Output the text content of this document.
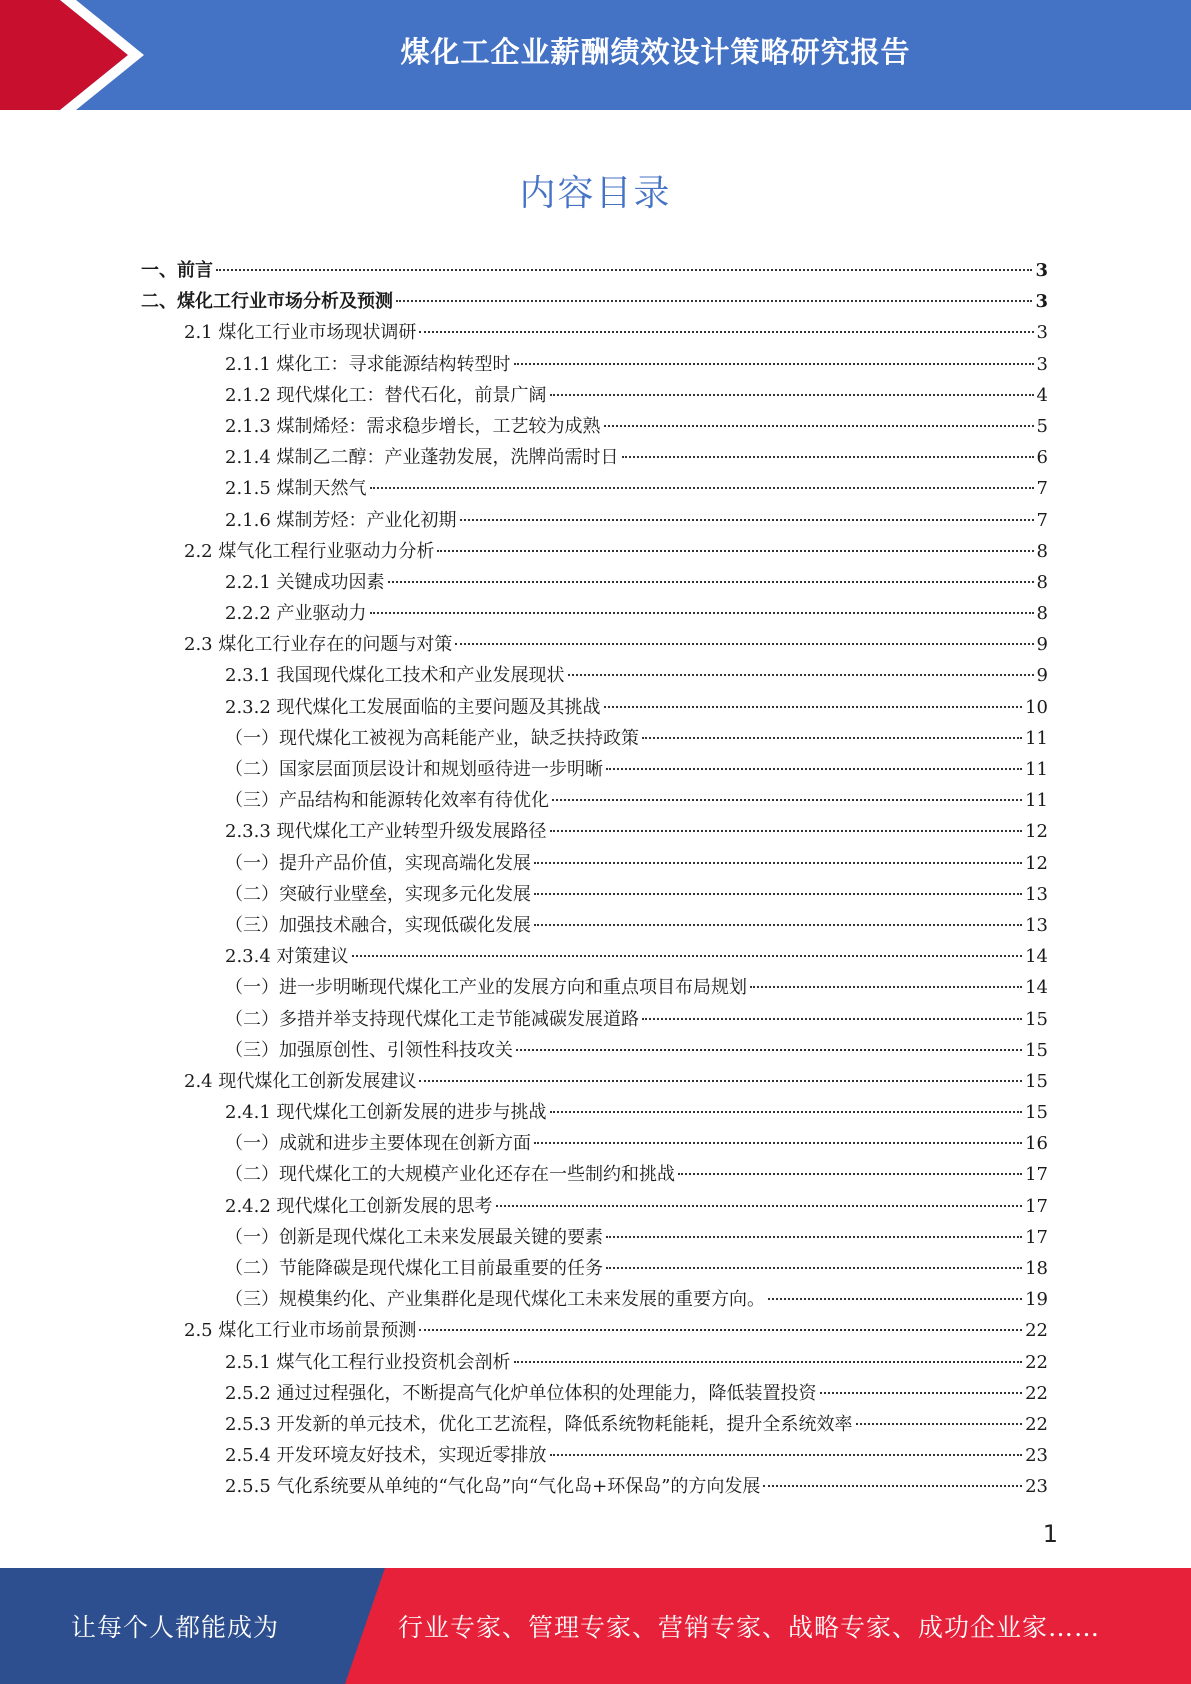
煤化工企业薪酬绩效设计策略研究报告
内容目录
一、前言	3
二、煤化工行业市场分析及预测	3
2.1 煤化工行业市场现状调研	3
2.1.1 煤化工：寻求能源结构转型时	3
2.1.2 现代煤化工：替代石化，前景广阔	4
2.1.3 煤制烯烃：需求稳步增长，工艺较为成熟	5
2.1.4 煤制乙二醇：产业蓬勃发展，洗牌尚需时日	6
2.1.5 煤制天然气	7
2.1.6 煤制芳烃：产业化初期	7
2.2 煤气化工程行业驱动力分析	8
2.2.1 关键成功因素	8
2.2.2 产业驱动力	8
2.3 煤化工行业存在的问题与对策	9
2.3.1 我国现代煤化工技术和产业发展现状	9
2.3.2 现代煤化工发展面临的主要问题及其挑战	10
（一）现代煤化工被视为高耗能产业，缺乏扶持政策	11
（二）国家层面顶层设计和规划亟待进一步明晰	11
（三）产品结构和能源转化效率有待优化	11
2.3.3 现代煤化工产业转型升级发展路径	12
（一）提升产品价值，实现高端化发展	12
（二）突破行业壁垒，实现多元化发展	13
（三）加强技术融合，实现低碳化发展	13
2.3.4 对策建议	14
（一）进一步明晰现代煤化工产业的发展方向和重点项目布局规划	14
（二）多措并举支持现代煤化工走节能减碳发展道路	15
（三）加强原创性、引领性科技攻关	15
2.4 现代煤化工创新发展建议	15
2.4.1 现代煤化工创新发展的进步与挑战	15
（一）成就和进步主要体现在创新方面	16
（二）现代煤化工的大规模产业化还存在一些制约和挑战	17
2.4.2 现代煤化工创新发展的思考	17
（一）创新是现代煤化工未来发展最关键的要素	17
（二）节能降碳是现代煤化工目前最重要的任务	18
（三）规模集约化、产业集群化是现代煤化工未来发展的重要方向。	19
2.5 煤化工行业市场前景预测	22
2.5.1 煤气化工程行业投资机会剖析	22
2.5.2 通过过程强化，不断提高气化炉单位体积的处理能力，降低装置投资	22
2.5.3 开发新的单元技术，优化工艺流程，降低系统物耗能耗，提升全系统效率	22
2.5.4 开发环境友好技术，实现近零排放	23
2.5.5 气化系统要从单纯的“气化岛”向“气化岛+环保岛”的方向发展	23
1
让每个人都能成为	行业专家、管理专家、营销专家、战略专家、成功企业家……
